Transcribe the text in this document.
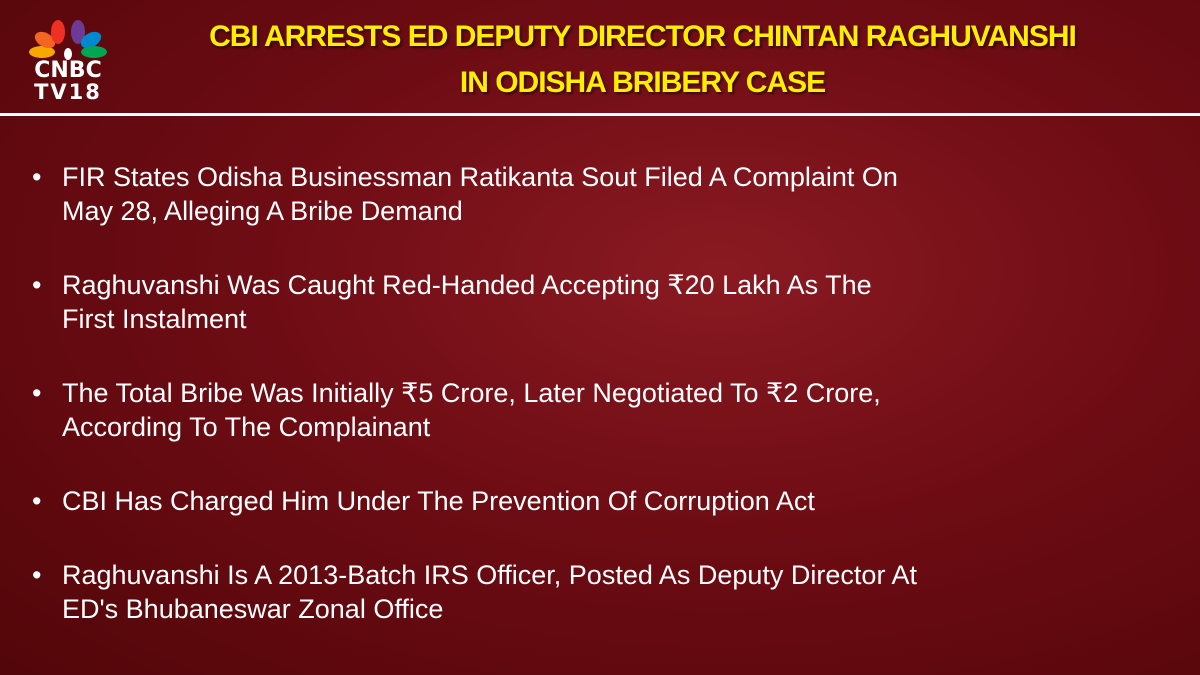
CNBC
TV18
CBI ARRESTS ED DEPUTY DIRECTOR CHINTAN RAGHUVANSHI
IN ODISHA BRIBERY CASE
• FIR States Odisha Businessman Ratikanta Sout Filed A Complaint On
May 28, Alleging A Bribe Demand
• Raghuvanshi Was Caught Red-Handed Accepting ₹20 Lakh As The
First Instalment
• The Total Bribe Was Initially ₹5 Crore, Later Negotiated To ₹2 Crore,
According To The Complainant
• CBI Has Charged Him Under The Prevention Of Corruption Act
• Raghuvanshi Is A 2013-Batch IRS Officer, Posted As Deputy Director At
ED's Bhubaneswar Zonal Office
